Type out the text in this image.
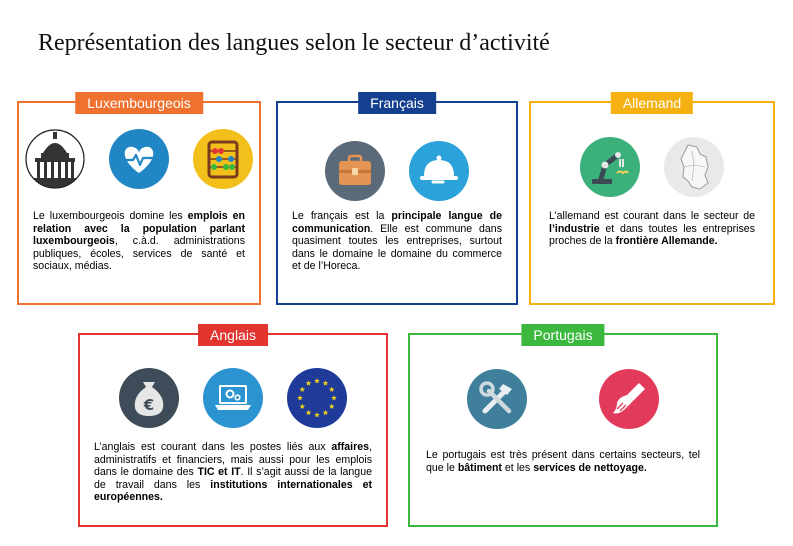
Représentation des langues selon le secteur d’activité
Luxembourgeois
Le luxembourgeois domine les emplois en relation avec la population parlant luxembourgeois, c.à.d. administrations publiques, écoles, services de santé et sociaux, médias.
Français
Le français est la principale langue de communication. Elle est commune dans quasiment toutes les entreprises, surtout dans le domaine le domaine du commerce et de l’Horeca.
Allemand
L’allemand est courant dans le secteur de l’industrie et dans toutes les entreprises proches de la frontière Allemande.
Anglais
€
L’anglais est courant dans les postes liés aux affaires, administratifs et financiers, mais aussi pour les emplois dans le domaine des TIC et IT. Il s’agit aussi de la langue de travail dans les institutions internationales et européennes.
Portugais
Le portugais est très présent dans certains secteurs, tel que le bâtiment et les services de nettoyage.
